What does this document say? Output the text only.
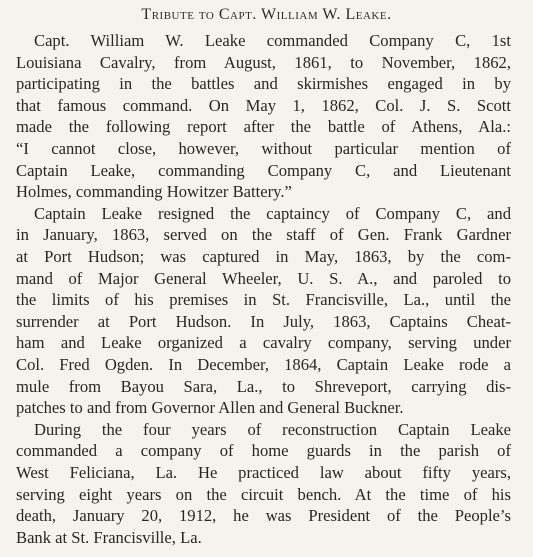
Tribute to Capt. William W. Leake.
Capt. William W. Leake commanded Company C, 1st
Louisiana Cavalry, from August, 1861, to November, 1862,
participating in the battles and skirmishes engaged in by
that famous command. On May 1, 1862, Col. J. S. Scott
made the following report after the battle of Athens, Ala.:
“I cannot close, however, without particular mention of
Captain Leake, commanding Company C, and Lieutenant
Holmes, commanding Howitzer Battery.”
Captain Leake resigned the captaincy of Company C, and
in January, 1863, served on the staff of Gen. Frank Gardner
at Port Hudson; was captured in May, 1863, by the com-
mand of Major General Wheeler, U. S. A., and paroled to
the limits of his premises in St. Francisville, La., until the
surrender at Port Hudson. In July, 1863, Captains Cheat-
ham and Leake organized a cavalry company, serving under
Col. Fred Ogden. In December, 1864, Captain Leake rode a
mule from Bayou Sara, La., to Shreveport, carrying dis-
patches to and from Governor Allen and General Buckner.
During the four years of reconstruction Captain Leake
commanded a company of home guards in the parish of
West Feliciana, La. He practiced law about fifty years,
serving eight years on the circuit bench. At the time of his
death, January 20, 1912, he was President of the People’s
Bank at St. Francisville, La.
